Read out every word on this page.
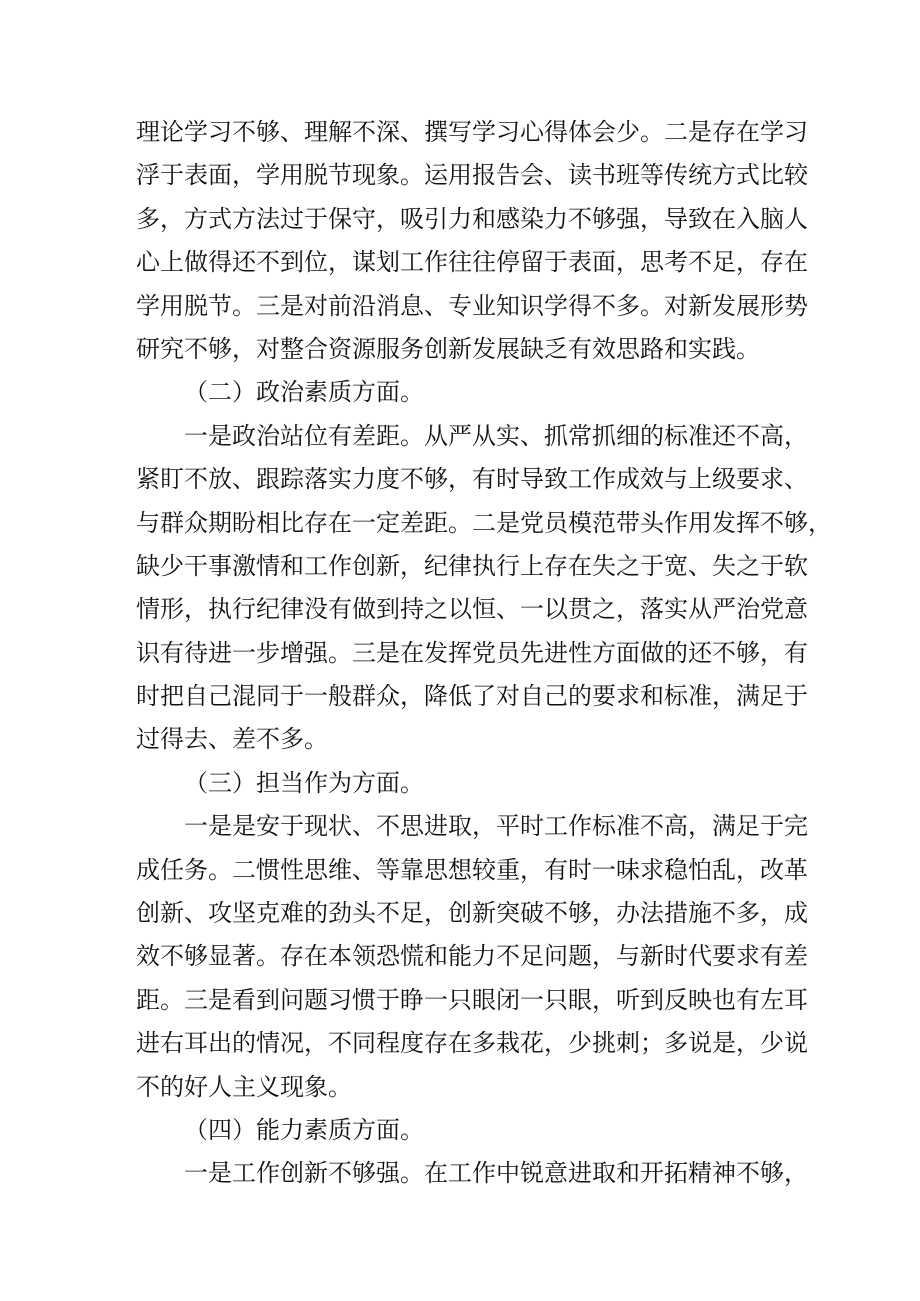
理论学习不够、理解不深、撰写学习心得体会少。二是存在学习
浮于表面，学用脱节现象。运用报告会、读书班等传统方式比较
多，方式方法过于保守，吸引力和感染力不够强，导致在入脑人
心上做得还不到位，谋划工作往往停留于表面，思考不足，存在
学用脱节。三是对前沿消息、专业知识学得不多。对新发展形势
研究不够，对整合资源服务创新发展缺乏有效思路和实践。
（二）政治素质方面。
一是政治站位有差距。从严从实、抓常抓细的标准还不高，
紧盯不放、跟踪落实力度不够，有时导致工作成效与上级要求、
与群众期盼相比存在一定差距。二是党员模范带头作用发挥不够，
缺少干事激情和工作创新，纪律执行上存在失之于宽、失之于软
情形，执行纪律没有做到持之以恒、一以贯之，落实从严治党意
识有待进一步增强。三是在发挥党员先进性方面做的还不够，有
时把自己混同于一般群众，降低了对自己的要求和标准，满足于
过得去、差不多。
（三）担当作为方面。
一是是安于现状、不思进取，平时工作标准不高，满足于完
成任务。二惯性思维、等靠思想较重，有时一味求稳怕乱，改革
创新、攻坚克难的劲头不足，创新突破不够，办法措施不多，成
效不够显著。存在本领恐慌和能力不足问题，与新时代要求有差
距。三是看到问题习惯于睁一只眼闭一只眼，听到反映也有左耳
进右耳出的情况，不同程度存在多栽花，少挑刺；多说是，少说
不的好人主义现象。
（四）能力素质方面。
一是工作创新不够强。在工作中锐意进取和开拓精神不够，
